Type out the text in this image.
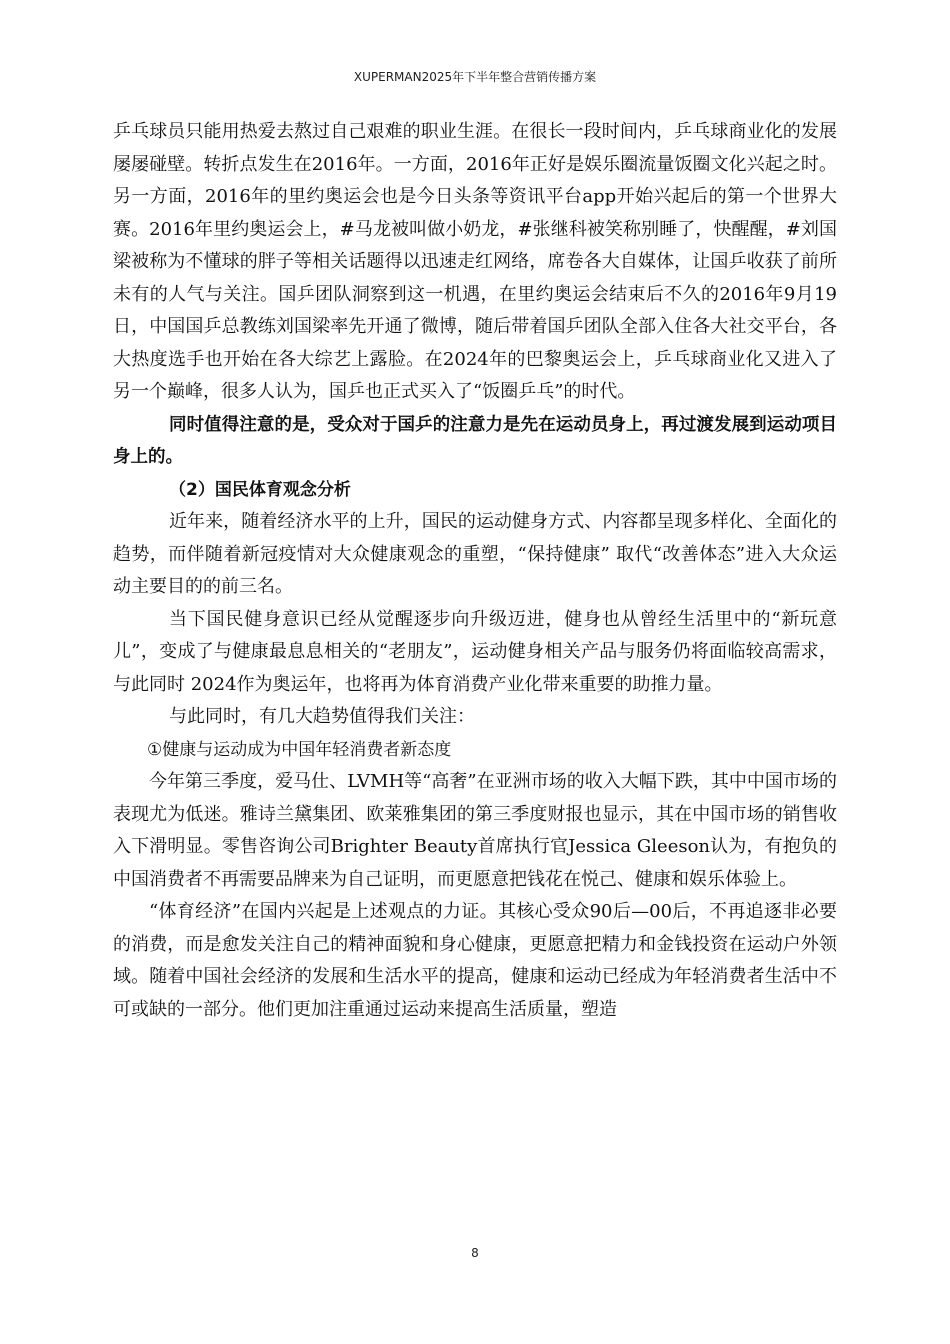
XUPERMAN2025年下半年整合营销传播方案

乒乓球员只能用热爱去熬过自己艰难的职业生涯。在很长一段时间内，乒乓球商业化的发展屡屡碰壁。转折点发生在2016年。一方面，2016年正好是娱乐圈流量饭圈文化兴起之时。另一方面，2016年的里约奥运会也是今日头条等资讯平台app开始兴起后的第一个世界大赛。2016年里约奥运会上，#马龙被叫做小奶龙，#张继科被笑称别睡了，快醒醒，#刘国梁被称为不懂球的胖子等相关话题得以迅速走红网络，席卷各大自媒体，让国乒收获了前所未有的人气与关注。国乒团队洞察到这一机遇，在里约奥运会结束后不久的2016年9月19日，中国国乒总教练刘国梁率先开通了微博，随后带着国乒团队全部入住各大社交平台，各大热度选手也开始在各大综艺上露脸。在2024年的巴黎奥运会上，乒乓球商业化又进入了另一个巅峰，很多人认为，国乒也正式买入了“饭圈乒乓”的时代。

同时值得注意的是，受众对于国乒的注意力是先在运动员身上，再过渡发展到运动项目身上的。

（2）国民体育观念分析

近年来，随着经济水平的上升，国民的运动健身方式、内容都呈现多样化、全面化的趋势，而伴随着新冠疫情对大众健康观念的重塑，“保持健康” 取代“改善体态”进入大众运动主要目的的前三名。

当下国民健身意识已经从觉醒逐步向升级迈进，健身也从曾经生活里中的“新玩意儿”，变成了与健康最息息相关的“老朋友”，运动健身相关产品与服务仍将面临较高需求，与此同时 2024作为奥运年，也将再为体育消费产业化带来重要的助推力量。

与此同时，有几大趋势值得我们关注：

①健康与运动成为中国年轻消费者新态度

今年第三季度，爱马仕、LVMH等“高奢”在亚洲市场的收入大幅下跌，其中中国市场的表现尤为低迷。雅诗兰黛集团、欧莱雅集团的第三季度财报也显示，其在中国市场的销售收入下滑明显。零售咨询公司Brighter Beauty首席执行官Jessica Gleeson认为，有抱负的中国消费者不再需要品牌来为自己证明，而更愿意把钱花在悦己、健康和娱乐体验上。

“体育经济”在国内兴起是上述观点的力证。其核心受众90后—00后，不再追逐非必要的消费，而是愈发关注自己的精神面貌和身心健康，更愿意把精力和金钱投资在运动户外领域。随着中国社会经济的发展和生活水平的提高，健康和运动已经成为年轻消费者生活中不可或缺的一部分。他们更加注重通过运动来提高生活质量，塑造

8
